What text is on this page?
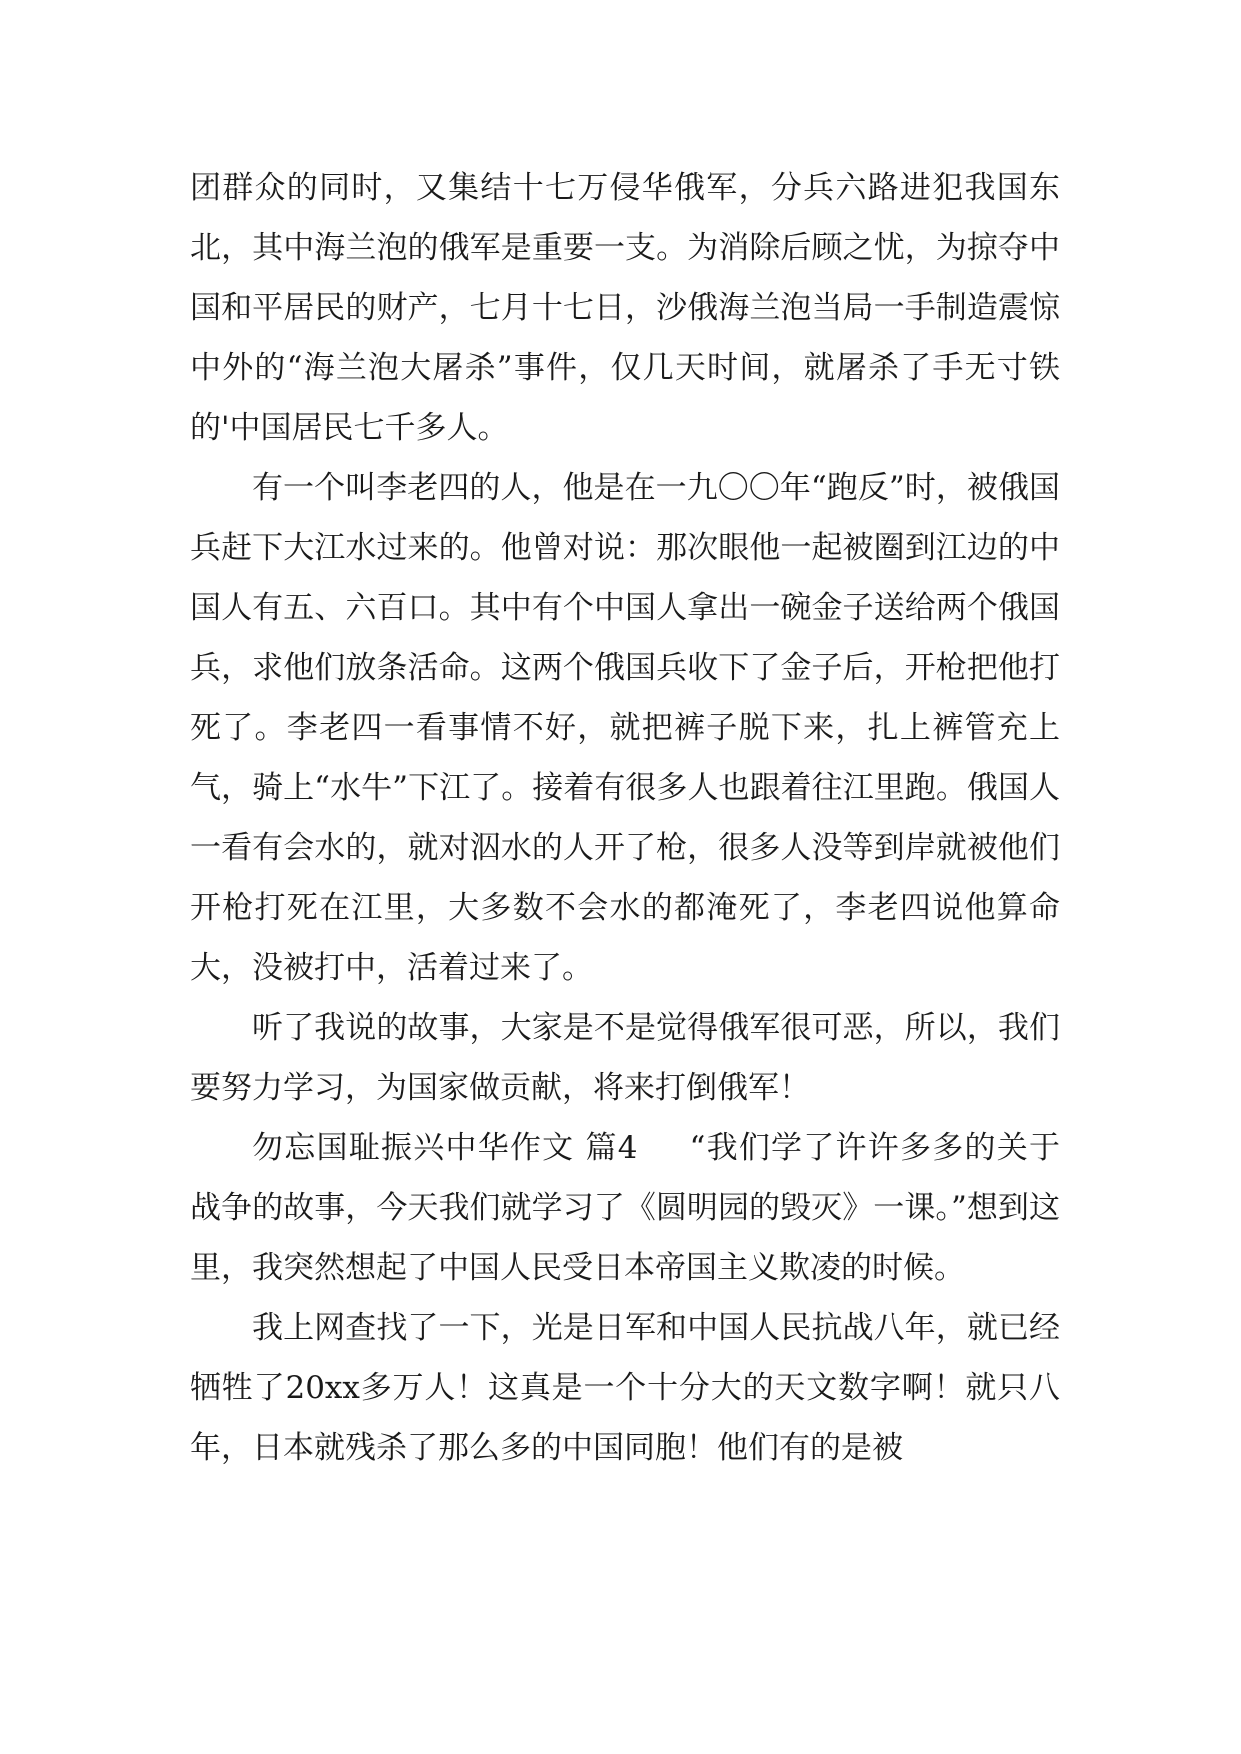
团群众的同时，又集结十七万侵华俄军，分兵六路进犯我国东北，其中海兰泡的俄军是重要一支。为消除后顾之忧，为掠夺中国和平居民的财产，七月十七日，沙俄海兰泡当局一手制造震惊中外的“海兰泡大屠杀”事件，仅几天时间，就屠杀了手无寸铁的'中国居民七千多人。

有一个叫李老四的人，他是在一九〇〇年“跑反”时，被俄国兵赶下大江水过来的。他曾对说：那次眼他一起被圈到江边的中国人有五、六百口。其中有个中国人拿出一碗金子送给两个俄国兵，求他们放条活命。这两个俄国兵收下了金子后，开枪把他打死了。李老四一看事情不好，就把裤子脱下来，扎上裤管充上气，骑上“水牛”下江了。接着有很多人也跟着往江里跑。俄国人一看有会水的，就对泅水的人开了枪，很多人没等到岸就被他们开枪打死在江里，大多数不会水的都淹死了，李老四说他算命大，没被打中，活着过来了。

听了我说的故事，大家是不是觉得俄军很可恶，所以，我们要努力学习，为国家做贡献，将来打倒俄军！

勿忘国耻振兴中华作文 篇4 “我们学了许许多多的关于战争的故事，今天我们就学习了《圆明园的毁灭》一课。”想到这里，我突然想起了中国人民受日本帝国主义欺凌的时候。

我上网查找了一下，光是日军和中国人民抗战八年，就已经牺牲了20xx多万人！这真是一个十分大的天文数字啊！就只八年，日本就残杀了那么多的中国同胞！他们有的是被
